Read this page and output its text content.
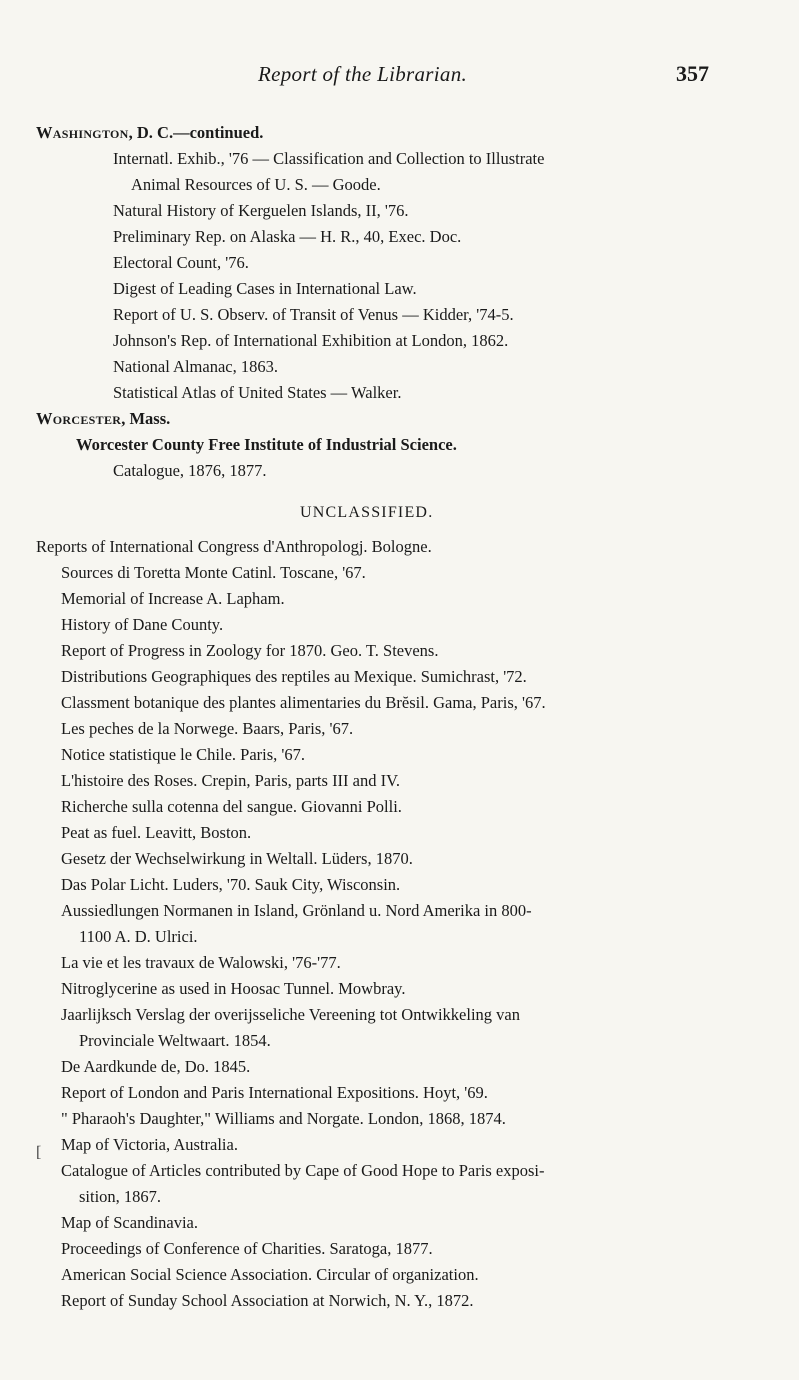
Report of the Librarian.	357
Washington, D. C.—continued.
Internatl. Exhib., '76 — Classification and Collection to Illustrate
Animal Resources of U. S. — Goode.
Natural History of Kerguelen Islands, II, '76.
Preliminary Rep. on Alaska — H. R., 40, Exec. Doc.
Electoral Count, '76.
Digest of Leading Cases in International Law.
Report of U. S. Observ. of Transit of Venus — Kidder, '74-5.
Johnson's Rep. of International Exhibition at London, 1862.
National Almanac, 1863.
Statistical Atlas of United States — Walker.
Worcester, Mass.
Worcester County Free Institute of Industrial Science.
Catalogue, 1876, 1877.
UNCLASSIFIED.
Reports of International Congress d'Anthropologj. Bologne.
Sources di Toretta Monte Catinl. Toscane, '67.
Memorial of Increase A. Lapham.
History of Dane County.
Report of Progress in Zoology for 1870. Geo. T. Stevens.
Distributions Geographiques des reptiles au Mexique. Sumichrast, '72.
Classment botanique des plantes alimentaries du Brĕsil. Gama, Paris, '67.
Les peches de la Norwege. Baars, Paris, '67.
Notice statistique le Chile. Paris, '67.
L'histoire des Roses. Crepin, Paris, parts III and IV.
Richerche sulla cotenna del sangue. Giovanni Polli.
Peat as fuel. Leavitt, Boston.
Gesetz der Wechselwirkung in Weltall. Lüders, 1870.
Das Polar Licht. Luders, '70. Sauk City, Wisconsin.
Aussiedlungen Normanen in Island, Grönland u. Nord Amerika in 800-
1100 A. D. Ulrici.
La vie et les travaux de Walowski, '76-'77.
Nitroglycerine as used in Hoosac Tunnel. Mowbray.
Jaarlijksch Verslag der overijsseliche Vereening tot Ontwikkeling van
Provinciale Weltwaart. 1854.
De Aardkunde de, Do. 1845.
Report of London and Paris International Expositions. Hoyt, '69.
" Pharaoh's Daughter," Williams and Norgate. London, 1868, 1874.
Map of Victoria, Australia.
Catalogue of Articles contributed by Cape of Good Hope to Paris exposi-
sition, 1867.
Map of Scandinavia.
Proceedings of Conference of Charities. Saratoga, 1877.
American Social Science Association. Circular of organization.
Report of Sunday School Association at Norwich, N. Y., 1872.
[
